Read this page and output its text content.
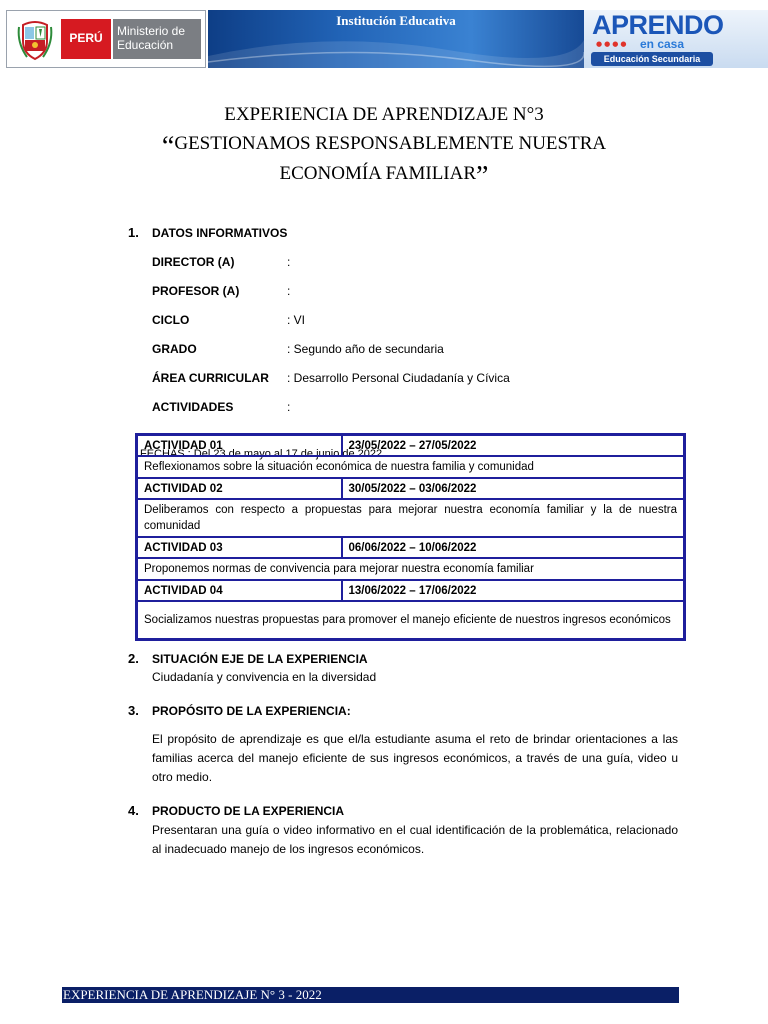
PERÚ	Ministerio de Educación
Institución Educativa	APRENDO
●●●● en casa
Educación Secundaria
EXPERIENCIA DE APRENDIZAJE N°3
“GESTIONAMOS RESPONSABLEMENTE NUESTRA
ECONOMÍA FAMILIAR”
1. DATOS INFORMATIVOS
DIRECTOR (A)	:
PROFESOR (A)	:
CICLO	: VI
GRADO	: Segundo año de secundaria
ÁREA CURRICULAR : Desarrollo Personal Ciudadanía y Cívica
ACTIVIDADES	:
FECHAS : Del 23 de mayo al 17 de junio de 2022
ACTIVIDAD 01	23/05/2022 – 27/05/2022
Reflexionamos sobre la situación económica de nuestra familia y comunidad	
ACTIVIDAD 02	30/05/2022 – 03/06/2022
Deliberamos con respecto a propuestas para mejorar nuestra economía familiar y la de nuestra comunidad	
ACTIVIDAD 03	06/06/2022 – 10/06/2022
Proponemos normas de convivencia para mejorar nuestra economía familiar	
ACTIVIDAD 04	13/06/2022 – 17/06/2022
Socializamos nuestras propuestas para promover el manejo eficiente de nuestros ingresos económicos	
2. SITUACIÓN EJE DE LA EXPERIENCIA
Ciudadanía y convivencia en la diversidad
3. PROPÓSITO DE LA EXPERIENCIA:
El propósito de aprendizaje es que el/la estudiante asuma el reto de brindar orientaciones a las familias acerca del manejo eficiente de sus ingresos económicos, a través de una guía, video u otro medio.
4. PRODUCTO DE LA EXPERIENCIA
Presentaran una guía o video informativo en el cual identificación de la problemática, relacionado al inadecuado manejo de los ingresos económicos.
EXPERIENCIA DE APRENDIZAJE N° 3 - 2022
